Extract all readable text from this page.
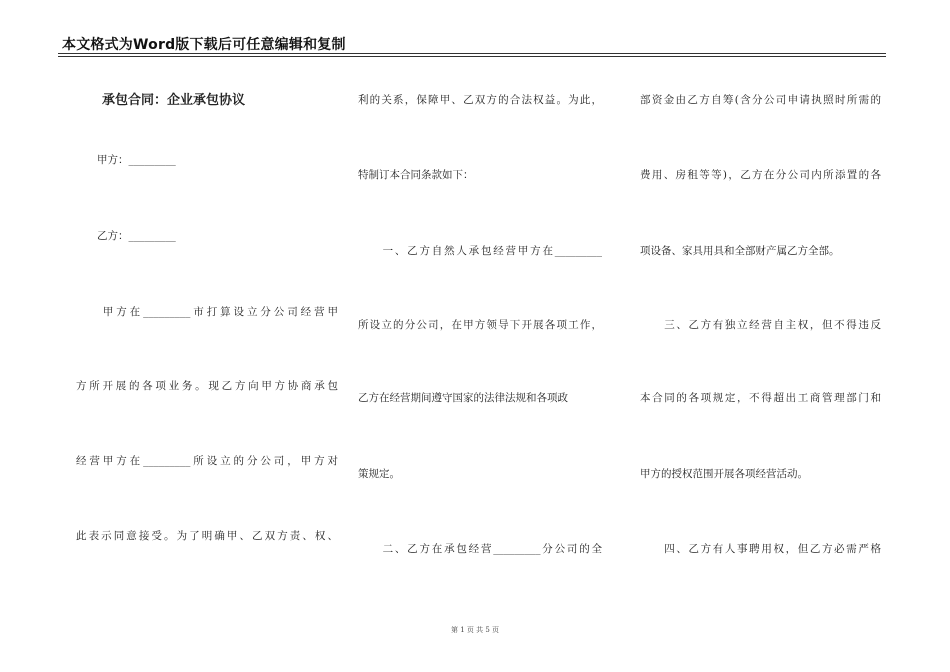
本文格式为Word版下载后可任意编辑和复制
　　承包合同：企业承包协议
　　甲方：_________
　　乙方：_________
　　甲方在_________市打算设立分公司经营甲
方所开展的各项业务。现乙方向甲方协商承包
经营甲方在_________所设立的分公司，甲方对
此表示同意接受。为了明确甲、乙双方责、权、
利的关系，保障甲、乙双方的合法权益。为此，
特制订本合同条款如下：
　　一、乙方自然人承包经营甲方在_________
所设立的分公司，在甲方领导下开展各项工作，
乙方在经营期间遵守国家的法律法规和各项政
策规定。
　　二、乙方在承包经营_________分公司的全
部资金由乙方自筹(含分公司申请执照时所需的
费用、房租等等)，乙方在分公司内所添置的各
项设备、家具用具和全部财产属乙方全部。
　　三、乙方有独立经营自主权，但不得违反
本合同的各项规定，不得超出工商管理部门和
甲方的授权范围开展各项经营活动。
　　四、乙方有人事聘用权，但乙方必需严格
第 1 页 共 5 页
